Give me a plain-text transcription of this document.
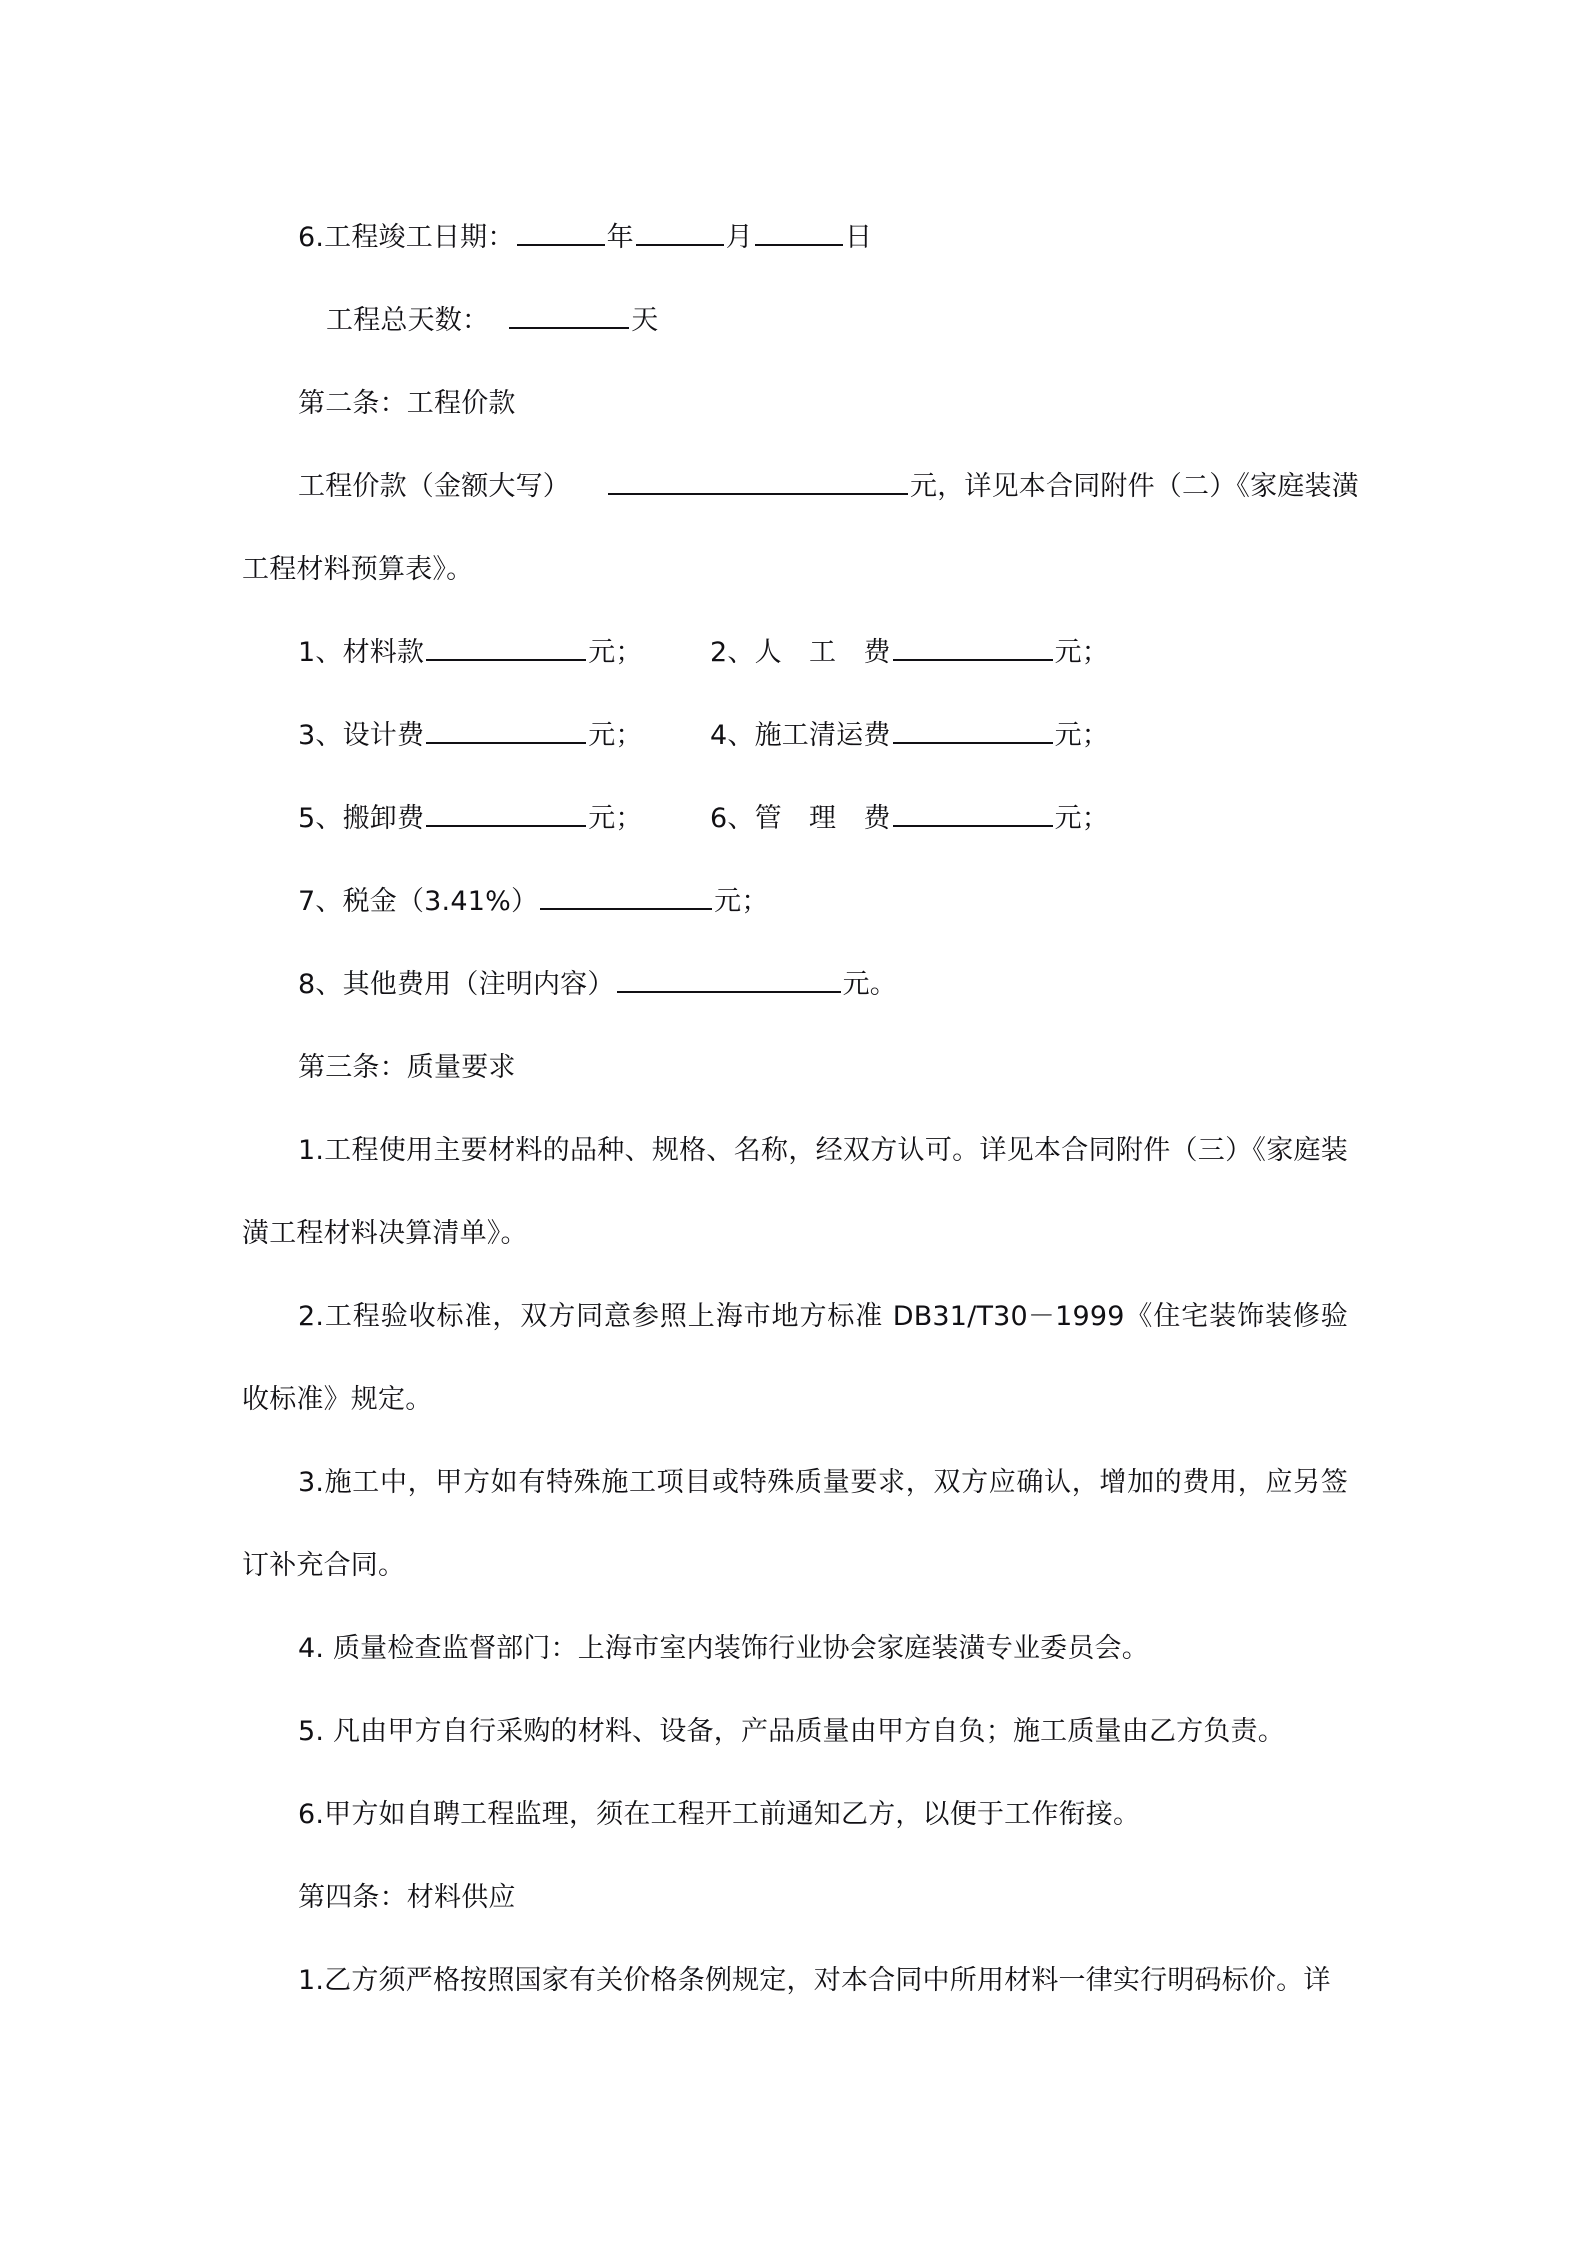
6.工程竣工日期：	年	月	日
工程总天数：	天
第二条：工程价款
工程价款（金额大写）	元，详见本合同附件（二）《家庭装潢
工程材料预算表》。
1、材料款	元； 2、人　工　费	元；
3、设计费	元； 4、施工清运费	元；
5、搬卸费	元； 6、管　理　费	元；
7、税金（3.41%）	元；
8、其他费用（注明内容）	元。
第三条：质量要求
1.工程使用主要材料的品种、规格、名称，经双方认可。详见本合同附件（三）《家庭装潢工程材料决算清单》。
2.工程验收标准，双方同意参照上海市地方标准 DB31/T30－1999《住宅装饰装修验收标准》规定。
3.施工中，甲方如有特殊施工项目或特殊质量要求，双方应确认，增加的费用，应另签订补充合同。
4. 质量检查监督部门：上海市室内装饰行业协会家庭装潢专业委员会。
5. 凡由甲方自行采购的材料、设备，产品质量由甲方自负；施工质量由乙方负责。
6.甲方如自聘工程监理，须在工程开工前通知乙方，以便于工作衔接。
第四条：材料供应
1.乙方须严格按照国家有关价格条例规定，对本合同中所用材料一律实行明码标价。详
